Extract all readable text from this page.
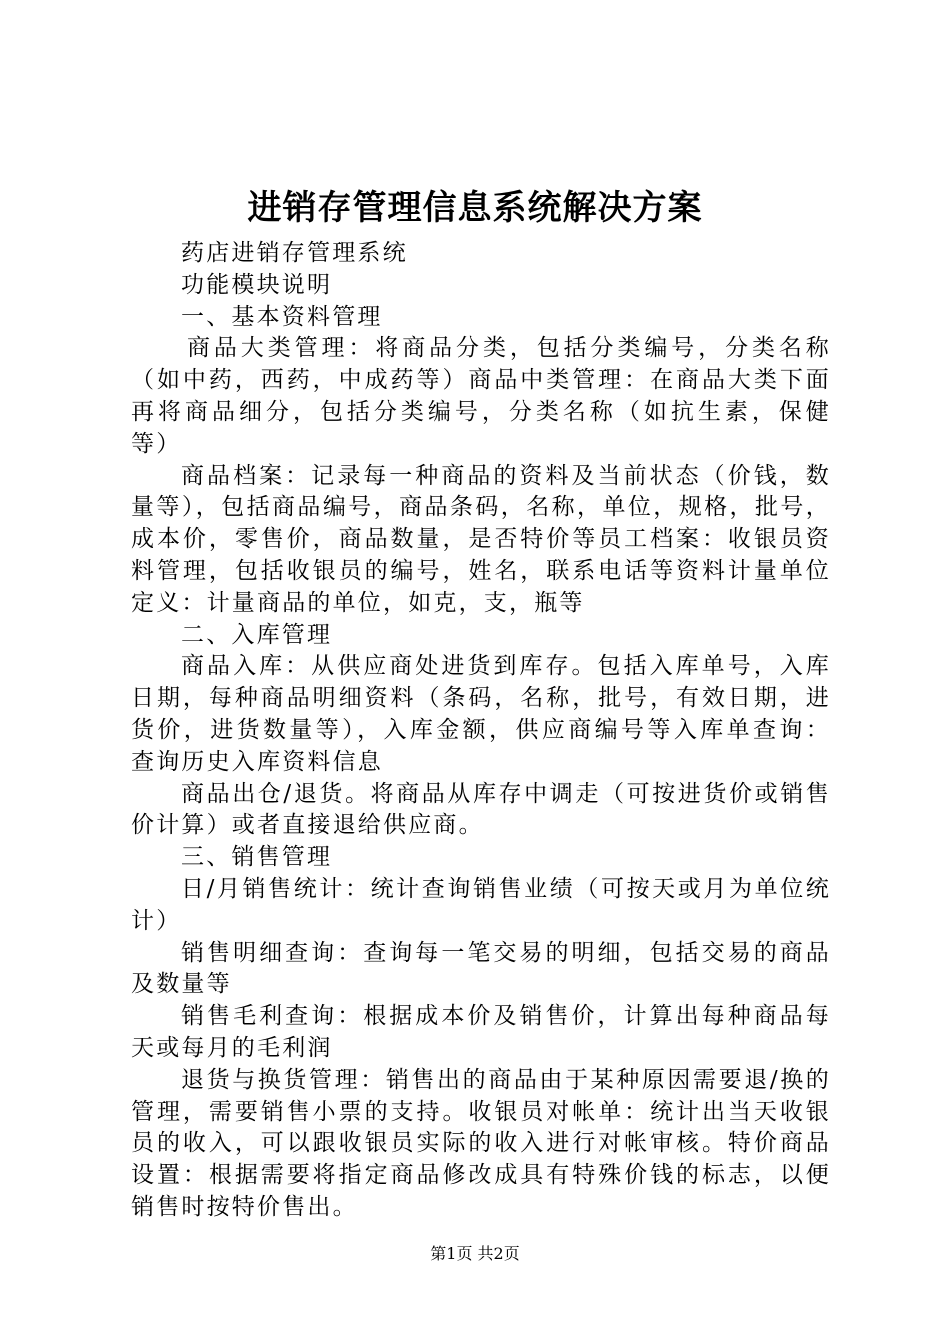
进销存管理信息系统解决方案
药店进销存管理系统
功能模块说明
一、基本资料管理
商品大类管理：将商品分类，包括分类编号，分类名称
（如中药，西药，中成药等）商品中类管理：在商品大类下面
再将商品细分，包括分类编号，分类名称（如抗生素，保健
等）
商品档案：记录每一种商品的资料及当前状态（价钱，数
量等），包括商品编号，商品条码，名称，单位，规格，批号，
成本价，零售价，商品数量，是否特价等员工档案：收银员资
料管理，包括收银员的编号，姓名，联系电话等资料计量单位
定义：计量商品的单位，如克，支，瓶等
二、入库管理
商品入库：从供应商处进货到库存。包括入库单号，入库
日期，每种商品明细资料（条码，名称，批号，有效日期，进
货价，进货数量等），入库金额，供应商编号等入库单查询：
查询历史入库资料信息
商品出仓/退货。将商品从库存中调走（可按进货价或销售
价计算）或者直接退给供应商。
三、销售管理
日/月销售统计：统计查询销售业绩（可按天或月为单位统
计）
销售明细查询：查询每一笔交易的明细，包括交易的商品
及数量等
销售毛利查询：根据成本价及销售价，计算出每种商品每
天或每月的毛利润
退货与换货管理：销售出的商品由于某种原因需要退/换的
管理，需要销售小票的支持。收银员对帐单：统计出当天收银
员的收入，可以跟收银员实际的收入进行对帐审核。特价商品
设置：根据需要将指定商品修改成具有特殊价钱的标志，以便
销售时按特价售出。
第1页 共2页
